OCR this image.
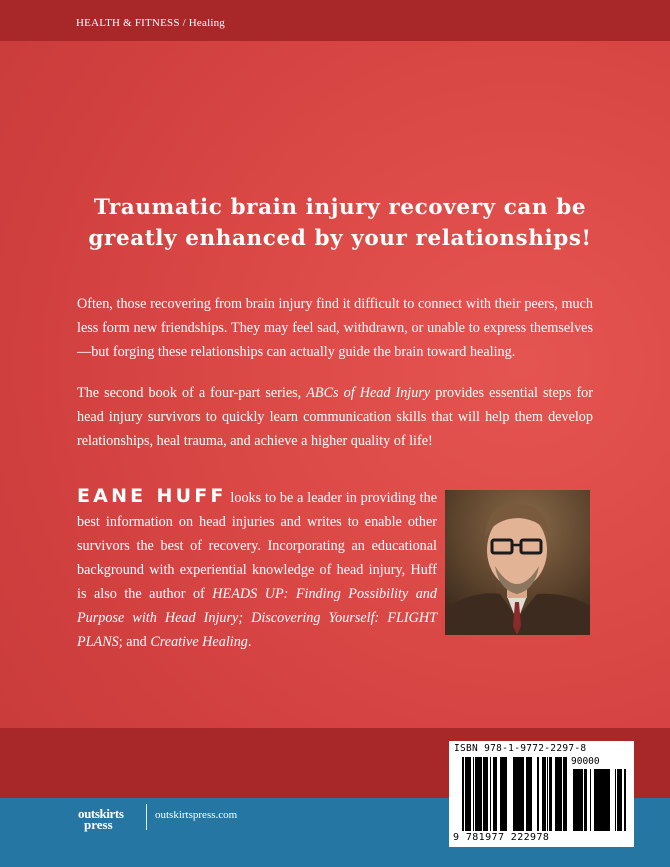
HEALTH & FITNESS / Healing
Traumatic brain injury recovery can be
greatly enhanced by your relationships!
Often, those recovering from brain injury find it difficult to connect with their peers, much less form new friendships. They may feel sad, withdrawn, or unable to express themselves—but forging these relationships can actually guide the brain toward healing.
The second book of a four-part series, ABCs of Head Injury provides essential steps for head injury survivors to quickly learn communication skills that will help them develop relationships, heal trauma, and achieve a higher quality of life!
EANE HUFF looks to be a leader in providing the best information on head injuries and writes to enable other survivors the best of recovery. Incorporating an educational background with experiential knowledge of head injury, Huff is also the author of HEADS UP: Finding Possibility and Purpose with Head Injury; Discovering Yourself: FLIGHT PLANS; and Creative Healing.
outskirts
press
outskirtspress.com
ISBN 978-1-9772-2297-8
90000
9 781977 222978
